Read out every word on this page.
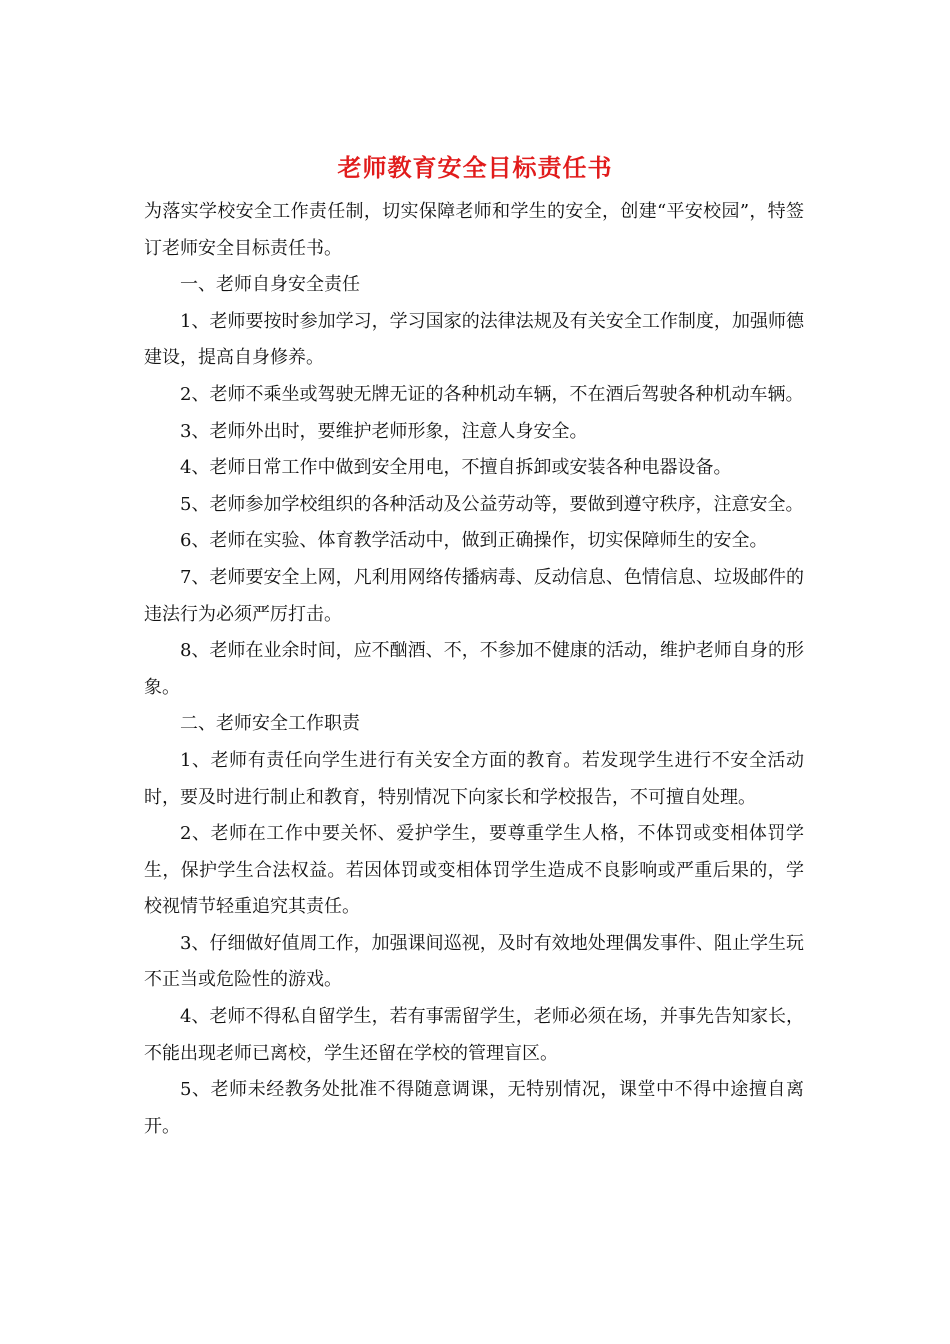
老师教育安全目标责任书

为落实学校安全工作责任制，切实保障老师和学生的安全，创建“平安校园”，特签订老师安全目标责任书。

一、老师自身安全责任

1、老师要按时参加学习，学习国家的法律法规及有关安全工作制度，加强师德建设，提高自身修养。

2、老师不乘坐或驾驶无牌无证的各种机动车辆，不在酒后驾驶各种机动车辆。

3、老师外出时，要维护老师形象，注意人身安全。

4、老师日常工作中做到安全用电，不擅自拆卸或安装各种电器设备。

5、老师参加学校组织的各种活动及公益劳动等，要做到遵守秩序，注意安全。

6、老师在实验、体育教学活动中，做到正确操作，切实保障师生的安全。

7、老师要安全上网，凡利用网络传播病毒、反动信息、色情信息、垃圾邮件的违法行为必须严厉打击。

8、老师在业余时间，应不酗酒、不，不参加不健康的活动，维护老师自身的形象。

二、老师安全工作职责

1、老师有责任向学生进行有关安全方面的教育。若发现学生进行不安全活动时，要及时进行制止和教育，特别情况下向家长和学校报告，不可擅自处理。

2、老师在工作中要关怀、爱护学生，要尊重学生人格，不体罚或变相体罚学生，保护学生合法权益。若因体罚或变相体罚学生造成不良影响或严重后果的，学校视情节轻重追究其责任。

3、仔细做好值周工作，加强课间巡视，及时有效地处理偶发事件、阻止学生玩不正当或危险性的游戏。

4、老师不得私自留学生，若有事需留学生，老师必须在场，并事先告知家长，不能出现老师已离校，学生还留在学校的管理盲区。

5、老师未经教务处批准不得随意调课，无特别情况，课堂中不得中途擅自离开。
